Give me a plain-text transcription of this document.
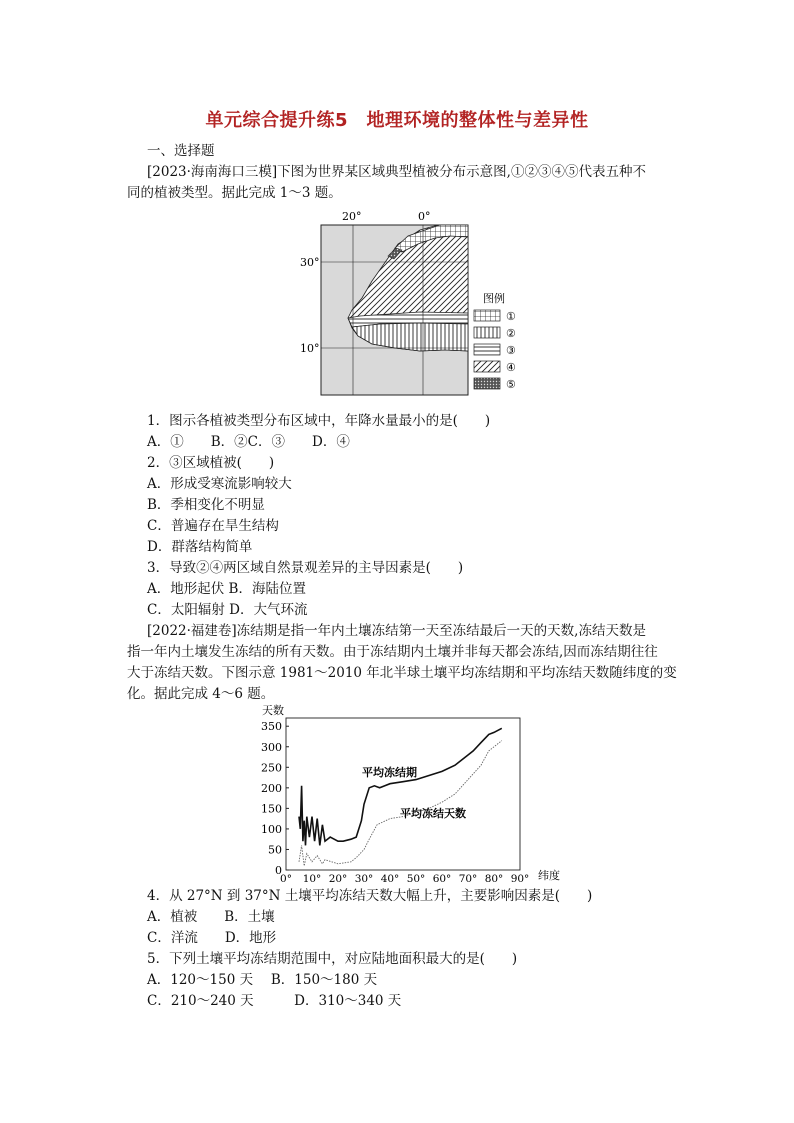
单元综合提升练5　地理环境的整体性与差异性
一、选择题
[2023·海南海口三模]下图为世界某区域典型植被分布示意图,①②③④⑤代表五种不
同的植被类型。据此完成 1～3 题。
20°	0°
30°
10°
图例
①
②
③
④
⑤
1．图示各植被类型分布区域中，年降水量最小的是(　　)
A．①　　B．②C．③　　D．④
2．③区域植被(　　)
A．形成受寒流影响较大
B．季相变化不明显
C．普遍存在旱生结构
D．群落结构简单
3．导致②④两区域自然景观差异的主导因素是(　　)
A．地形起伏 B．海陆位置
C．太阳辐射 D．大气环流
[2022·福建卷]冻结期是指一年内土壤冻结第一天至冻结最后一天的天数,冻结天数是
指一年内土壤发生冻结的所有天数。由于冻结期内土壤并非每天都会冻结,因而冻结期往往
大于冻结天数。下图示意 1981～2010 年北半球土壤平均冻结期和平均冻结天数随纬度的变
化。据此完成 4～6 题。
天数
纬度
0
50
100
150
200
250
300
350
0° 10° 20° 30° 40° 50° 60° 70° 80° 90°
平均冻结期
平均冻结天数
4．从 27°N 到 37°N 土壤平均冻结天数大幅上升，主要影响因素是(　　)
A．植被　　B．土壤
C．洋流　　D．地形
5．下列土壤平均冻结期范围中，对应陆地面积最大的是(　　)
A．120～150 天　 B．150～180 天
C．210～240 天　　　D．310～340 天
